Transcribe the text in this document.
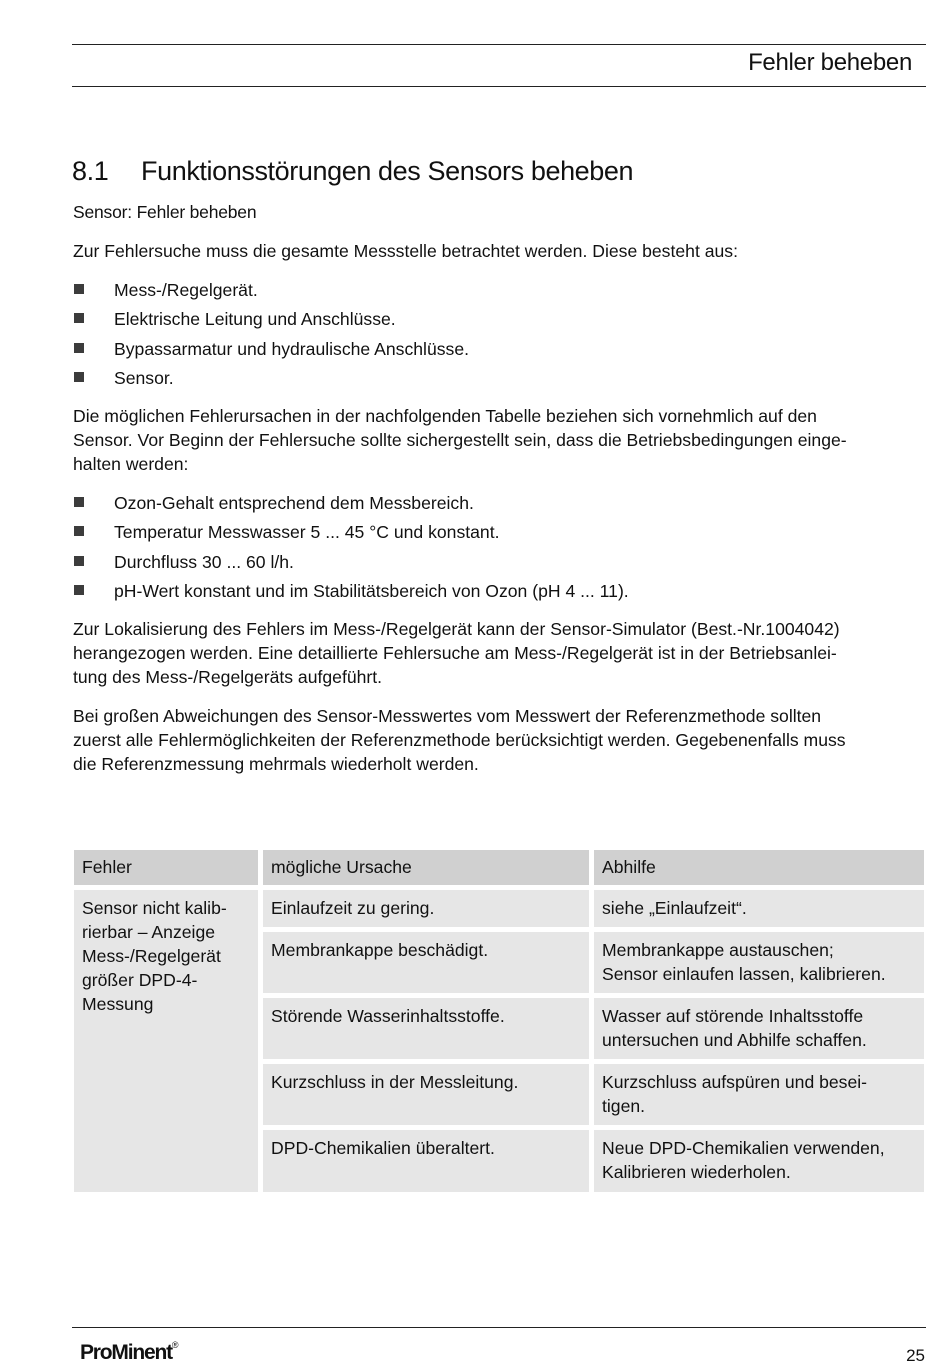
Fehler beheben
8.1 Funktionsstörungen des Sensors beheben
Sensor: Fehler beheben

Zur Fehlersuche muss die gesamte Messstelle betrachtet werden. Diese besteht aus:

Mess-/Regelgerät.
Elektrische Leitung und Anschlüsse.
Bypassarmatur und hydraulische Anschlüsse.
Sensor.

Die möglichen Fehlerursachen in der nachfolgenden Tabelle beziehen sich vornehmlich auf den
Sensor. Vor Beginn der Fehlersuche sollte sichergestellt sein, dass die Betriebsbedingungen einge-
halten werden:

Ozon-Gehalt entsprechend dem Messbereich.
Temperatur Messwasser 5 ... 45 °C und konstant.
Durchfluss 30 ... 60 l/h.
pH-Wert konstant und im Stabilitätsbereich von Ozon (pH 4 ... 11).

Zur Lokalisierung des Fehlers im Mess-/Regelgerät kann der Sensor-Simulator (Best.-Nr.1004042)
herangezogen werden. Eine detaillierte Fehlersuche am Mess-/Regelgerät ist in der Betriebsanlei-
tung des Mess-/Regelgeräts aufgeführt.

Bei großen Abweichungen des Sensor-Messwertes vom Messwert der Referenzmethode sollten
zuerst alle Fehlermöglichkeiten der Referenzmethode berücksichtigt werden. Gegebenenfalls muss
die Referenzmessung mehrmals wiederholt werden.

Fehler	mögliche Ursache	Abhilfe
Sensor nicht kalib-
rierbar – Anzeige
Mess-/Regelgerät
größer DPD-4-
Messung	Einlaufzeit zu gering.	siehe „Einlaufzeit“.
	Membrankappe beschädigt.	Membrankappe austauschen;
Sensor einlaufen lassen, kalibrieren.
	Störende Wasserinhaltsstoffe.	Wasser auf störende Inhaltsstoffe
untersuchen und Abhilfe schaffen.
	Kurzschluss in der Messleitung.	Kurzschluss aufspüren und besei-
tigen.
	DPD-Chemikalien überaltert.	Neue DPD-Chemikalien verwenden,
Kalibrieren wiederholen.
ProMinent®
25
